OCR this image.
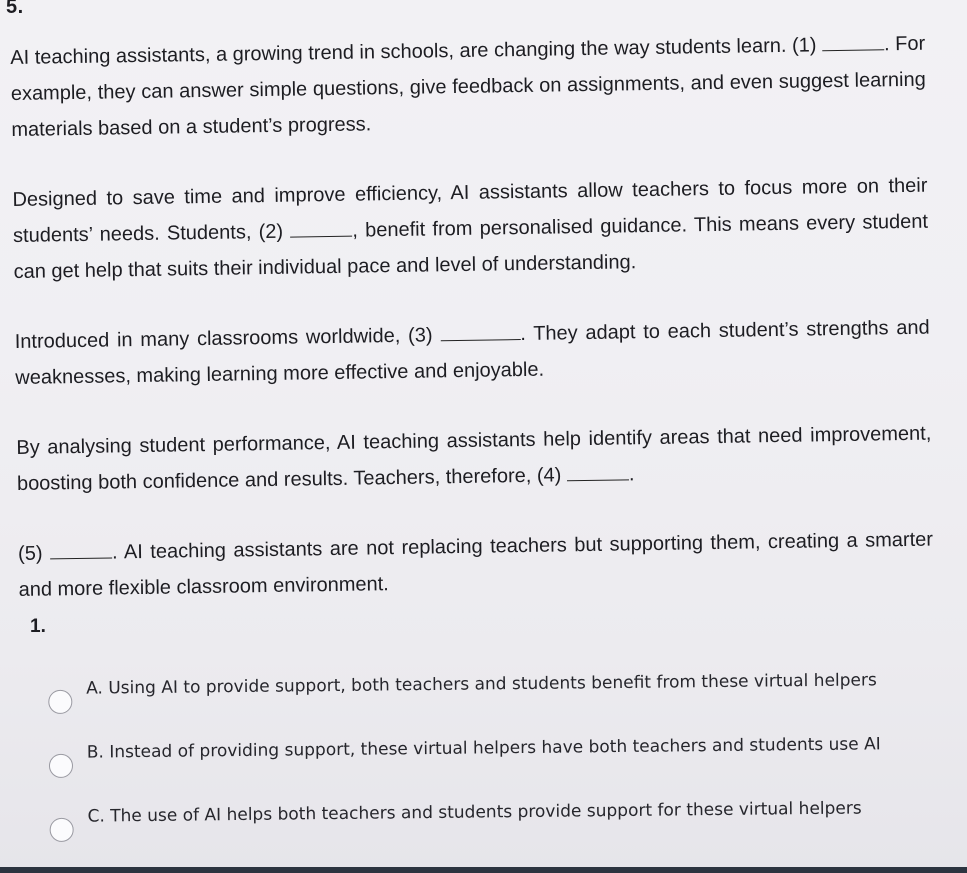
5.

AI teaching assistants, a growing trend in schools, are changing the way students learn. (1)	. For example, they can answer simple questions, give feedback on assignments, and even suggest learning materials based on a student’s progress.

Designed to save time and improve efficiency, AI assistants allow teachers to focus more on their students’ needs. Students, (2)	, benefit from personalised guidance. This means every student can get help that suits their individual pace and level of understanding.

Introduced in many classrooms worldwide, (3)	. They adapt to each student’s strengths and weaknesses, making learning more effective and enjoyable.

By analysing student performance, AI teaching assistants help identify areas that need improvement, boosting both confidence and results. Teachers, therefore, (4)	.

(5)	. AI teaching assistants are not replacing teachers but supporting them, creating a smarter and more flexible classroom environment.

1.
A. Using AI to provide support, both teachers and students benefit from these virtual helpers
B. Instead of providing support, these virtual helpers have both teachers and students use AI
C. The use of AI helps both teachers and students provide support for these virtual helpers
